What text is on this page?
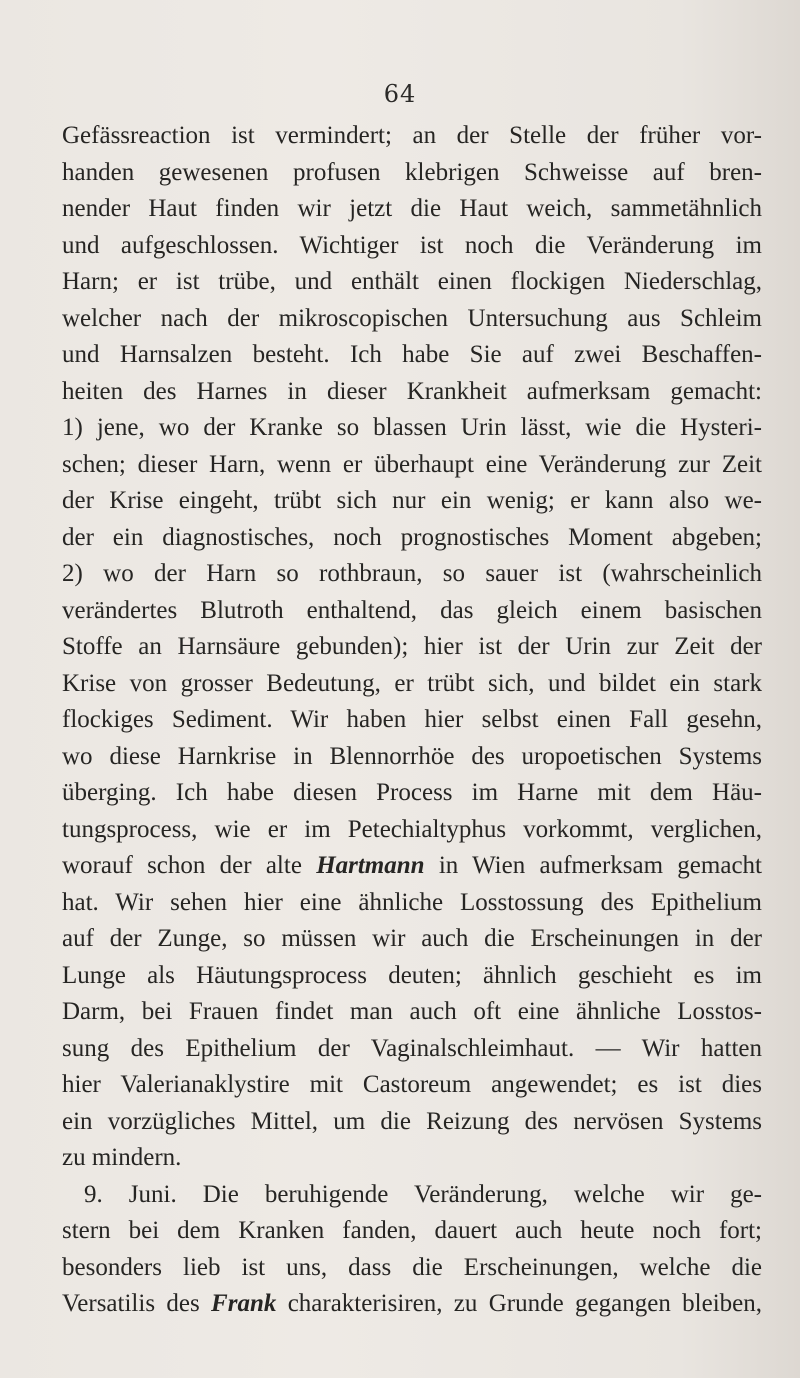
64
Gefässreaction ist vermindert; an der Stelle der früher vor-
handen gewesenen profusen klebrigen Schweisse auf bren-
nender Haut finden wir jetzt die Haut weich, sammetähnlich
und aufgeschlossen. Wichtiger ist noch die Veränderung im
Harn; er ist trübe, und enthält einen flockigen Niederschlag,
welcher nach der mikroscopischen Untersuchung aus Schleim
und Harnsalzen besteht. Ich habe Sie auf zwei Beschaffen-
heiten des Harnes in dieser Krankheit aufmerksam gemacht:
1) jene, wo der Kranke so blassen Urin lässt, wie die Hysteri-
schen; dieser Harn, wenn er überhaupt eine Veränderung zur Zeit
der Krise eingeht, trübt sich nur ein wenig; er kann also we-
der ein diagnostisches, noch prognostisches Moment abgeben;
2) wo der Harn so rothbraun, so sauer ist (wahrscheinlich
verändertes Blutroth enthaltend, das gleich einem basischen
Stoffe an Harnsäure gebunden); hier ist der Urin zur Zeit der
Krise von grosser Bedeutung, er trübt sich, und bildet ein stark
flockiges Sediment. Wir haben hier selbst einen Fall gesehn,
wo diese Harnkrise in Blennorrhöe des uropoetischen Systems
überging. Ich habe diesen Process im Harne mit dem Häu-
tungsprocess, wie er im Petechialtyphus vorkommt, verglichen,
worauf schon der alte Hartmann in Wien aufmerksam gemacht
hat. Wir sehen hier eine ähnliche Losstossung des Epithelium
auf der Zunge, so müssen wir auch die Erscheinungen in der
Lunge als Häutungsprocess deuten; ähnlich geschieht es im
Darm, bei Frauen findet man auch oft eine ähnliche Losstos-
sung des Epithelium der Vaginalschleimhaut. — Wir hatten
hier Valerianaklystire mit Castoreum angewendet; es ist dies
ein vorzügliches Mittel, um die Reizung des nervösen Systems
zu mindern.
9. Juni. Die beruhigende Veränderung, welche wir ge-
stern bei dem Kranken fanden, dauert auch heute noch fort;
besonders lieb ist uns, dass die Erscheinungen, welche die
Versatilis des Frank charakterisiren, zu Grunde gegangen bleiben,
